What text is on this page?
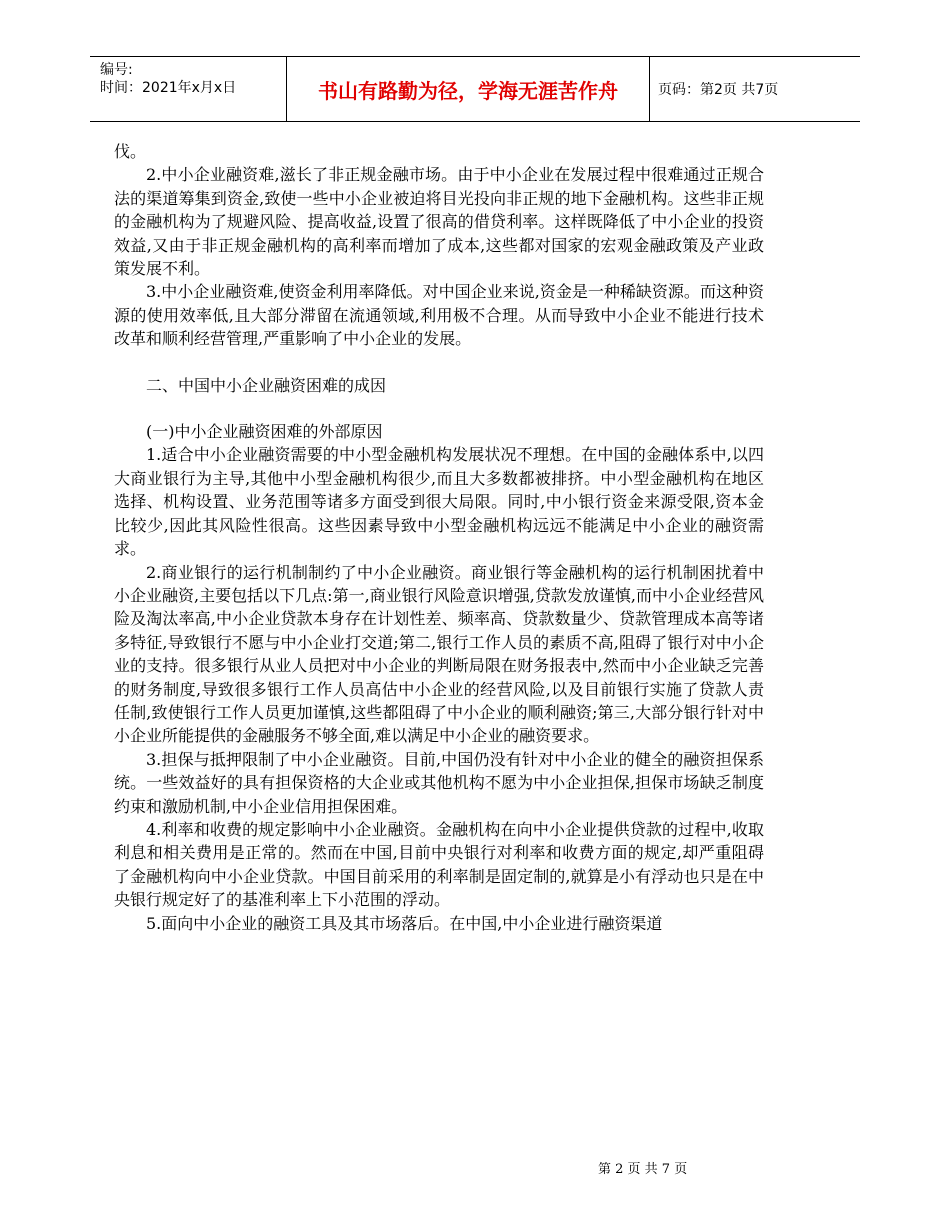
编号:
时间：2021年x月x日	书山有路勤为径，学海无涯苦作舟	页码：第2页 共7页

伐。

2.中小企业融资难,滋长了非正规金融市场。由于中小企业在发展过程中很难通过正规合法的渠道筹集到资金,致使一些中小企业被迫将目光投向非正规的地下金融机构。这些非正规的金融机构为了规避风险、提高收益,设置了很高的借贷利率。这样既降低了中小企业的投资效益,又由于非正规金融机构的高利率而增加了成本,这些都对国家的宏观金融政策及产业政策发展不利。

3.中小企业融资难,使资金利用率降低。对中国企业来说,资金是一种稀缺资源。而这种资源的使用效率低,且大部分滞留在流通领域,利用极不合理。从而导致中小企业不能进行技术改革和顺利经营管理,严重影响了中小企业的发展。

二、中国中小企业融资困难的成因

(一)中小企业融资困难的外部原因

1.适合中小企业融资需要的中小型金融机构发展状况不理想。在中国的金融体系中,以四大商业银行为主导,其他中小型金融机构很少,而且大多数都被排挤。中小型金融机构在地区选择、机构设置、业务范围等诸多方面受到很大局限。同时,中小银行资金来源受限,资本金比较少,因此其风险性很高。这些因素导致中小型金融机构远远不能满足中小企业的融资需求。

2.商业银行的运行机制制约了中小企业融资。商业银行等金融机构的运行机制困扰着中小企业融资,主要包括以下几点:第一,商业银行风险意识增强,贷款发放谨慎,而中小企业经营风险及淘汰率高,中小企业贷款本身存在计划性差、频率高、贷款数量少、贷款管理成本高等诸多特征,导致银行不愿与中小企业打交道;第二,银行工作人员的素质不高,阻碍了银行对中小企业的支持。很多银行从业人员把对中小企业的判断局限在财务报表中,然而中小企业缺乏完善的财务制度,导致很多银行工作人员高估中小企业的经营风险,以及目前银行实施了贷款人责任制,致使银行工作人员更加谨慎,这些都阻碍了中小企业的顺利融资;第三,大部分银行针对中小企业所能提供的金融服务不够全面,难以满足中小企业的融资要求。

3.担保与抵押限制了中小企业融资。目前,中国仍没有针对中小企业的健全的融资担保系统。一些效益好的具有担保资格的大企业或其他机构不愿为中小企业担保,担保市场缺乏制度约束和激励机制,中小企业信用担保困难。

4.利率和收费的规定影响中小企业融资。金融机构在向中小企业提供贷款的过程中,收取利息和相关费用是正常的。然而在中国,目前中央银行对利率和收费方面的规定,却严重阻碍了金融机构向中小企业贷款。中国目前采用的利率制是固定制的,就算是小有浮动也只是在中央银行规定好了的基准利率上下小范围的浮动。

5.面向中小企业的融资工具及其市场落后。在中国,中小企业进行融资渠道

第 2 页 共 7 页
